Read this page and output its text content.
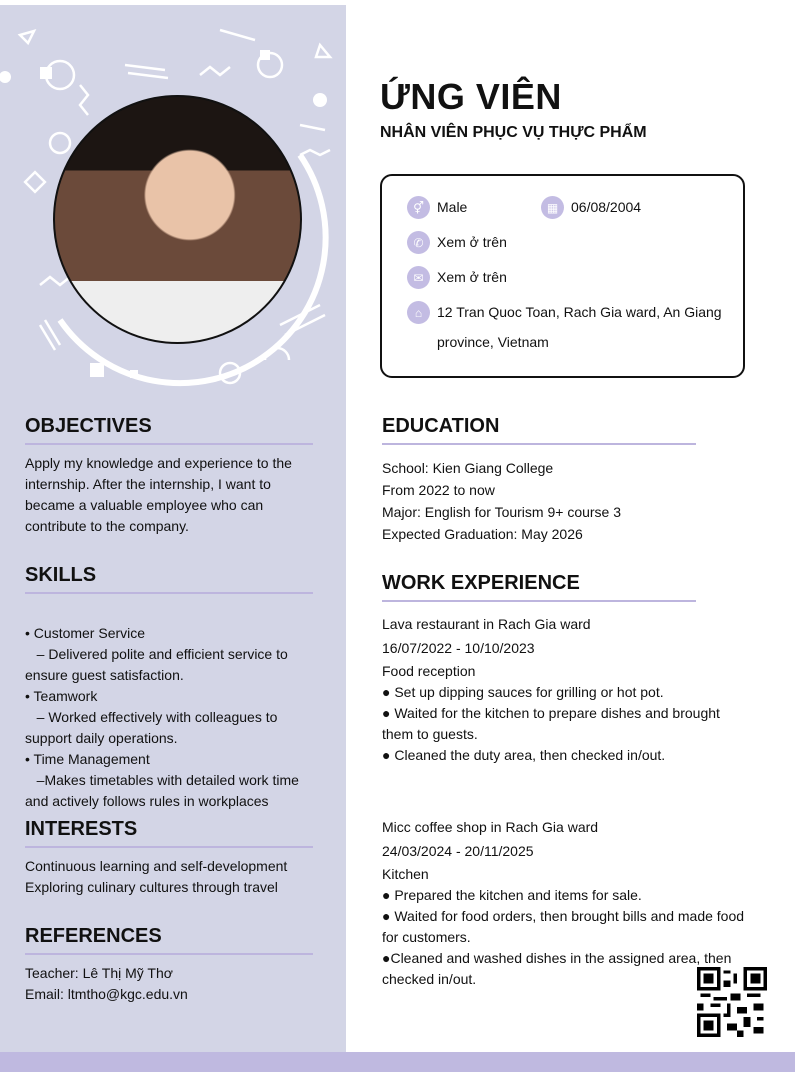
ỨNG VIÊN
NHÂN VIÊN PHỤC VỤ THỰC PHẨM
⚥ Male	▦ 06/08/2004
✆ Xem ở trên
✉ Xem ở trên
⌂	12 Tran Quoc Toan, Rach Gia ward, An Giang
province, Vietnam
OBJECTIVES
Apply my knowledge and experience to the internship. After the internship, I want to became a valuable employee who can contribute to the company.
SKILLS

• Customer Service
– Delivered polite and efficient service to ensure guest satisfaction.
• Teamwork
– Worked effectively with colleagues to support daily operations.
• Time Management
–Makes timetables with detailed work time and actively follows rules in workplaces
INTERESTS
Continuous learning and self-development
Exploring culinary cultures through travel
REFERENCES
Teacher: Lê Thị Mỹ Thơ
Email: ltmtho@kgc.edu.vn
EDUCATION
School: Kien Giang College
From 2022 to now
Major: English for Tourism 9+ course 3
Expected Graduation: May 2026
WORK EXPERIENCE
Lava restaurant in Rach Gia ward
16/07/2022 - 10/10/2023
Food reception
● Set up dipping sauces for grilling or hot pot.
● Waited for the kitchen to prepare dishes and brought them to guests.
● Cleaned the duty area, then checked in/out.
Micc coffee shop in Rach Gia ward
24/03/2024 - 20/11/2025
Kitchen
● Prepared the kitchen and items for sale.
● Waited for food orders, then brought bills and made food for customers.
●Cleaned and washed dishes in the assigned area, then checked in/out.
